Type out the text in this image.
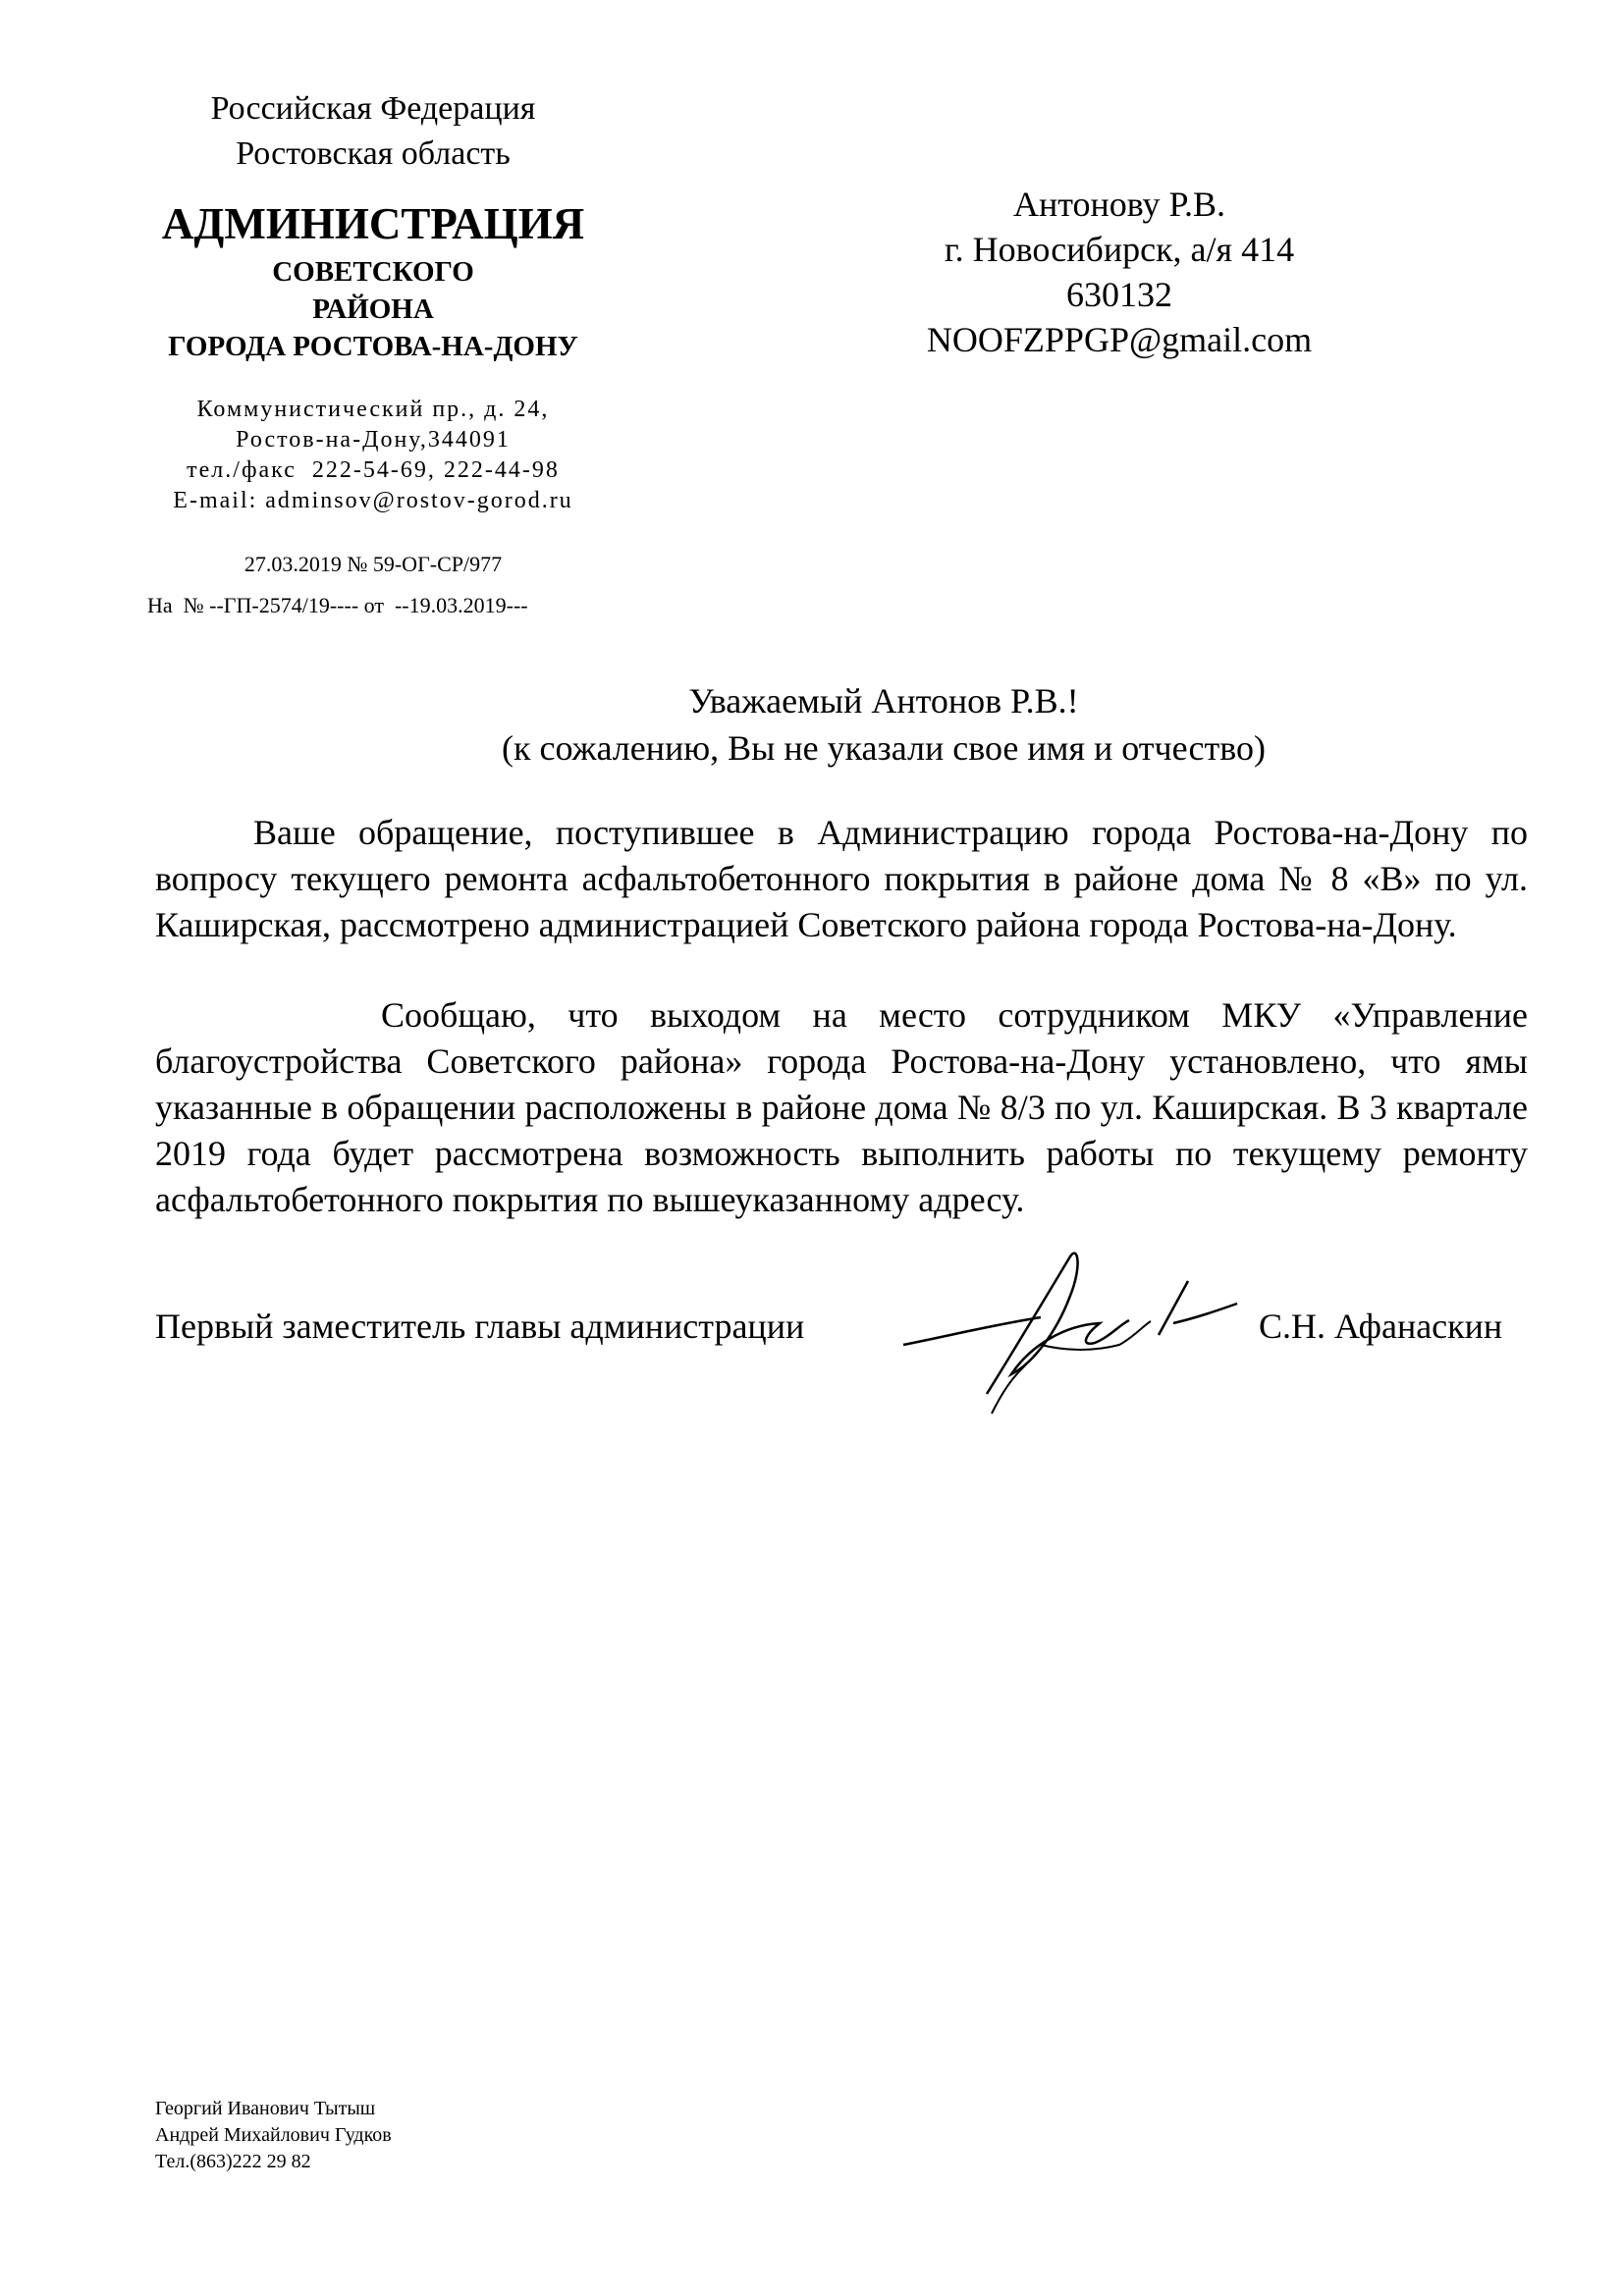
Российская Федерация
Ростовская область
АДМИНИСТРАЦИЯ
СОВЕТСКОГО
РАЙОНА
ГОРОДА РОСТОВА-НА-ДОНУ
Коммунистический пр., д. 24,
Ростов-на-Дону,344091
тел./факс  222-54-69, 222-44-98
E-mail: adminsov@rostov-gorod.ru
27.03.2019 № 59-ОГ-СР/977
На  № --ГП-2574/19---- от  --19.03.2019---
Антонову Р.В.
г. Новосибирск, а/я 414
630132
NOOFZPPGP@gmail.com
Уважаемый Антонов Р.В.!
(к сожалению, Вы не указали свое имя и отчество)
Ваше обращение, поступившее в Администрацию города Ростова-на-Дону по вопросу текущего ремонта асфальтобетонного покрытия в районе дома № 8 «В» по ул. Каширская, рассмотрено администрацией Советского района города Ростова-на-Дону.
Сообщаю, что выходом на место сотрудником МКУ «Управление благоустройства Советского района» города Ростова-на-Дону установлено, что ямы указанные в обращении расположены в районе дома № 8/3 по ул. Каширская. В 3 квартале 2019 года будет рассмотрена возможность выполнить работы по текущему ремонту асфальтобетонного покрытия по вышеуказанному адресу.
Первый заместитель главы администрации	С.Н. Афанаскин
Георгий Иванович Тытыш
Андрей Михайлович Гудков
Тел.(863)222 29 82
